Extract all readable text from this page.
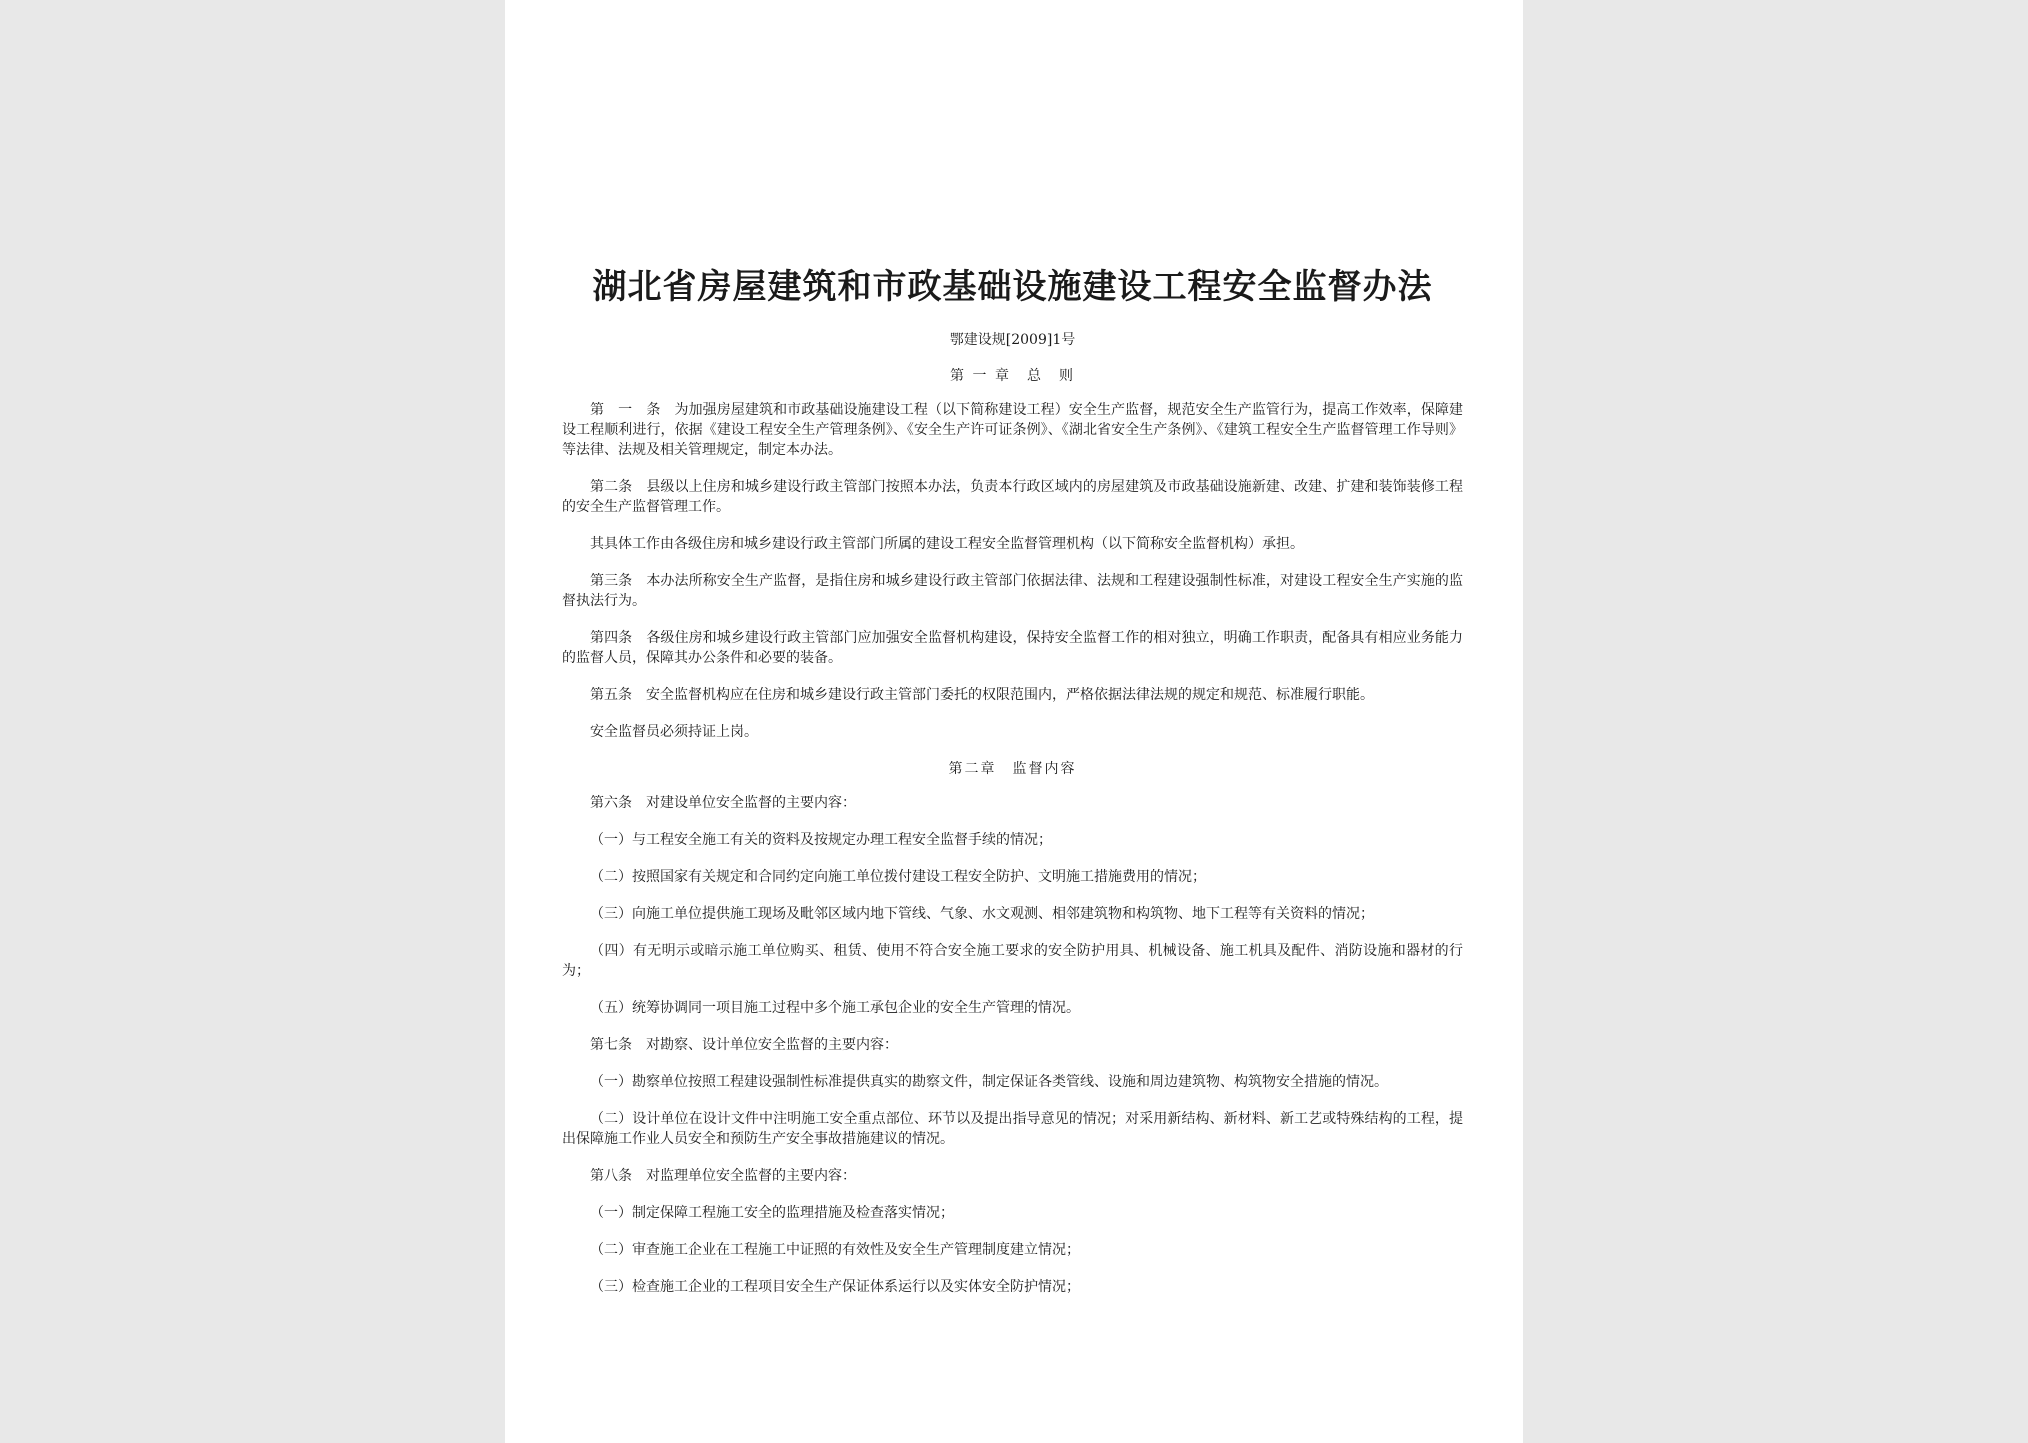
湖北省房屋建筑和市政基础设施建设工程安全监督办法
鄂建设规[2009]1号
第 一 章　总　则

第　一　条　为加强房屋建筑和市政基础设施建设工程（以下简称建设工程）安全生产监督，规范安全生产监管行为，提高工作效率，保障建设工程顺利进行，依据《建设工程安全生产管理条例》、《安全生产许可证条例》、《湖北省安全生产条例》、《建筑工程安全生产监督管理工作导则》等法律、法规及相关管理规定，制定本办法。

第二条　县级以上住房和城乡建设行政主管部门按照本办法，负责本行政区域内的房屋建筑及市政基础设施新建、改建、扩建和装饰装修工程的安全生产监督管理工作。

其具体工作由各级住房和城乡建设行政主管部门所属的建设工程安全监督管理机构（以下简称安全监督机构）承担。

第三条　本办法所称安全生产监督，是指住房和城乡建设行政主管部门依据法律、法规和工程建设强制性标准，对建设工程安全生产实施的监督执法行为。

第四条　各级住房和城乡建设行政主管部门应加强安全监督机构建设，保持安全监督工作的相对独立，明确工作职责，配备具有相应业务能力的监督人员，保障其办公条件和必要的装备。

第五条　安全监督机构应在住房和城乡建设行政主管部门委托的权限范围内，严格依据法律法规的规定和规范、标准履行职能。

安全监督员必须持证上岗。

第二章　监督内容

第六条　对建设单位安全监督的主要内容：

（一）与工程安全施工有关的资料及按规定办理工程安全监督手续的情况；

（二）按照国家有关规定和合同约定向施工单位拨付建设工程安全防护、文明施工措施费用的情况；

（三）向施工单位提供施工现场及毗邻区域内地下管线、气象、水文观测、相邻建筑物和构筑物、地下工程等有关资料的情况；

（四）有无明示或暗示施工单位购买、租赁、使用不符合安全施工要求的安全防护用具、机械设备、施工机具及配件、消防设施和器材的行为；

（五）统筹协调同一项目施工过程中多个施工承包企业的安全生产管理的情况。

第七条　对勘察、设计单位安全监督的主要内容：

（一）勘察单位按照工程建设强制性标准提供真实的勘察文件，制定保证各类管线、设施和周边建筑物、构筑物安全措施的情况。

（二）设计单位在设计文件中注明施工安全重点部位、环节以及提出指导意见的情况；对采用新结构、新材料、新工艺或特殊结构的工程，提出保障施工作业人员安全和预防生产安全事故措施建议的情况。

第八条　对监理单位安全监督的主要内容：

（一）制定保障工程施工安全的监理措施及检查落实情况；

（二）审查施工企业在工程施工中证照的有效性及安全生产管理制度建立情况；

（三）检查施工企业的工程项目安全生产保证体系运行以及实体安全防护情况；
